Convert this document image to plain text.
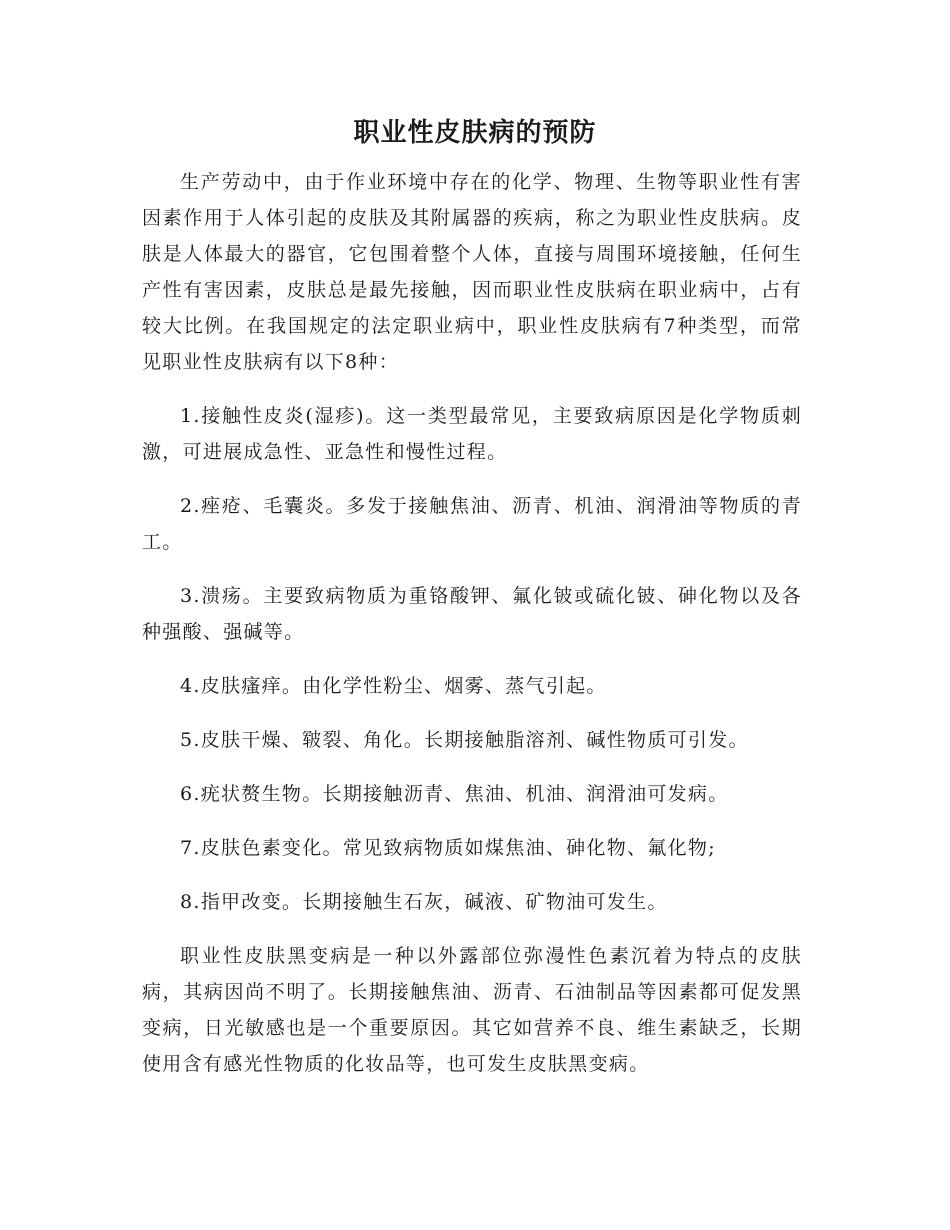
职业性皮肤病的预防

生产劳动中，由于作业环境中存在的化学、物理、生物等职业性有害因素作用于人体引起的皮肤及其附属器的疾病，称之为职业性皮肤病。皮肤是人体最大的器官，它包围着整个人体，直接与周围环境接触，任何生产性有害因素，皮肤总是最先接触，因而职业性皮肤病在职业病中，占有较大比例。在我国规定的法定职业病中，职业性皮肤病有7种类型，而常见职业性皮肤病有以下8种：

1.接触性皮炎(湿疹)。这一类型最常见，主要致病原因是化学物质刺激，可进展成急性、亚急性和慢性过程。

2.痤疮、毛囊炎。多发于接触焦油、沥青、机油、润滑油等物质的青工。

3.溃疡。主要致病物质为重铬酸钾、氟化铍或硫化铍、砷化物以及各种强酸、强碱等。

4.皮肤瘙痒。由化学性粉尘、烟雾、蒸气引起。

5.皮肤干燥、皲裂、角化。长期接触脂溶剂、碱性物质可引发。

6.疣状赘生物。长期接触沥青、焦油、机油、润滑油可发病。

7.皮肤色素变化。常见致病物质如煤焦油、砷化物、氟化物;

8.指甲改变。长期接触生石灰，碱液、矿物油可发生。

职业性皮肤黑变病是一种以外露部位弥漫性色素沉着为特点的皮肤病，其病因尚不明了。长期接触焦油、沥青、石油制品等因素都可促发黑变病，日光敏感也是一个重要原因。其它如营养不良、维生素缺乏，长期使用含有感光性物质的化妆品等，也可发生皮肤黑变病。
